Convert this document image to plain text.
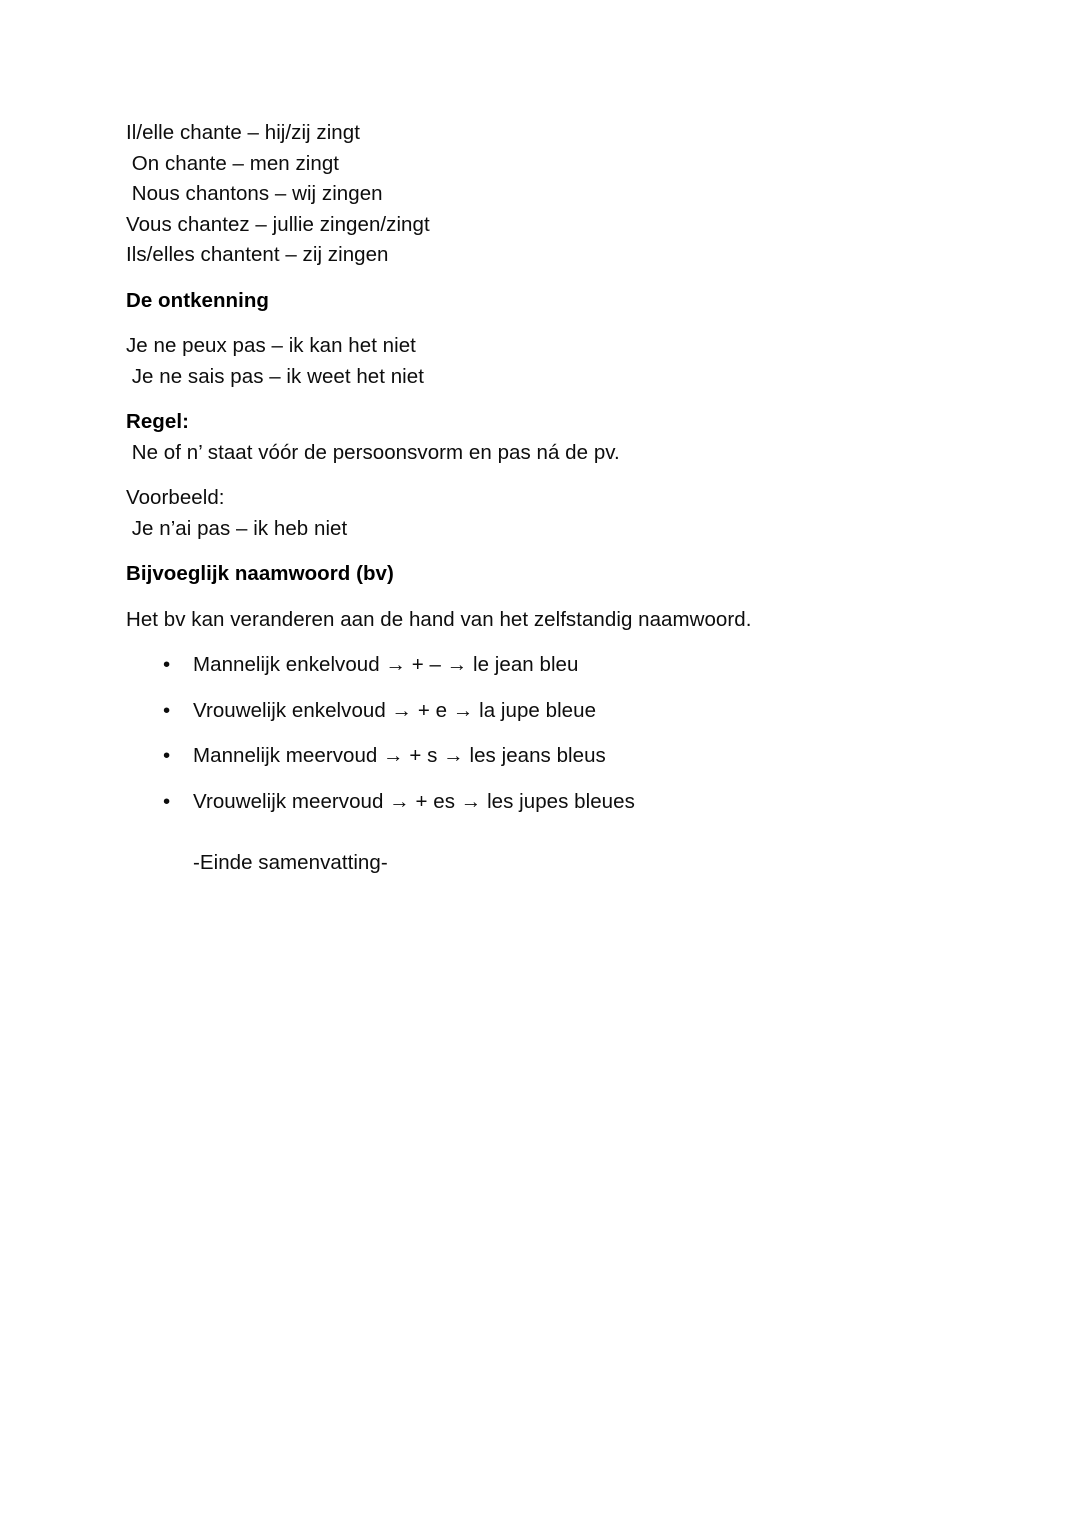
Il/elle chante – hij/zij zingt
On chante – men zingt
Nous chantons – wij zingen
Vous chantez – jullie zingen/zingt
Ils/elles chantent – zij zingen
De ontkenning
Je ne peux pas – ik kan het niet
Je ne sais pas – ik weet het niet
Regel:
Ne of n’ staat vóór de persoonsvorm en pas ná de pv.
Voorbeeld:
Je n’ai pas – ik heb niet
Bijvoeglijk naamwoord (bv)
Het bv kan veranderen aan de hand van het zelfstandig naamwoord.
• Mannelijk enkelvoud → + – → le jean bleu
• Vrouwelijk enkelvoud → + e → la jupe bleue
• Mannelijk meervoud → + s → les jeans bleus
• Vrouwelijk meervoud → + es → les jupes bleues
-Einde samenvatting-
